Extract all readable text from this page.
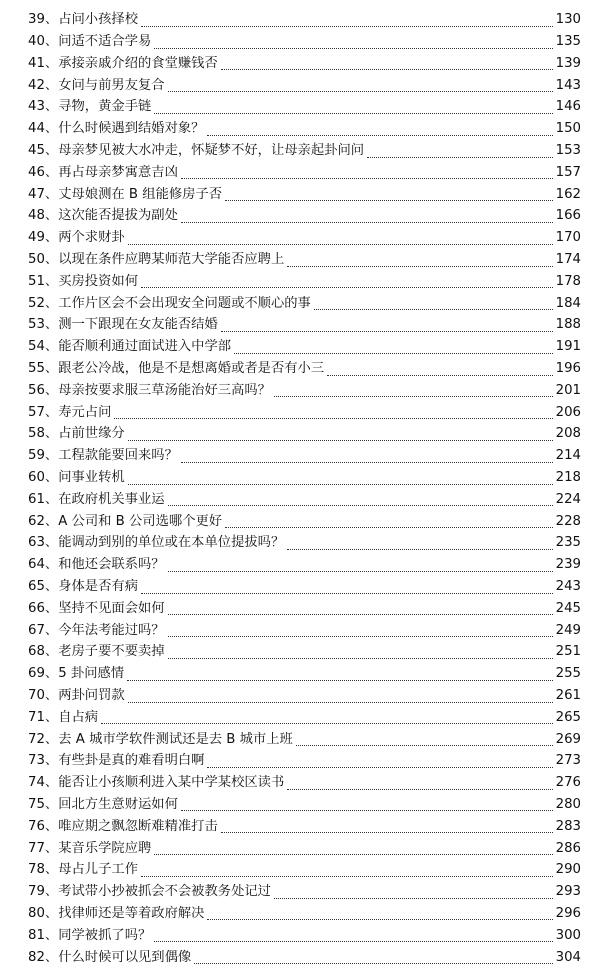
39、 占问小孩择校	130
40、 问适不适合学易	135
41、 承接亲戚介绍的食堂赚钱否	139
42、 女问与前男友复合	143
43、 寻物，黄金手链	146
44、 什么时候遇到结婚对象？	150
45、 母亲梦见被大水冲走，怀疑梦不好，让母亲起卦问问	153
46、 再占母亲梦寓意吉凶	157
47、 丈母娘测在 B 组能修房子否	162
48、 这次能否提拔为副处	166
49、 两个求财卦	170
50、 以现在条件应聘某师范大学能否应聘上	174
51、 买房投资如何	178
52、 工作片区会不会出现安全问题或不顺心的事	184
53、 测一下跟现在女友能否结婚	188
54、 能否顺利通过面试进入中学部	191
55、 跟老公冷战，他是不是想离婚或者是否有小三	196
56、 母亲按要求服三草汤能治好三高吗？	201
57、 寿元占问	206
58、 占前世缘分	208
59、 工程款能要回来吗？	214
60、 问事业转机	218
61、 在政府机关事业运	224
62、 A 公司和 B 公司选哪个更好	228
63、 能调动到别的单位或在本单位提拔吗？	235
64、 和他还会联系吗？	239
65、 身体是否有病	243
66、 坚持不见面会如何	245
67、 今年法考能过吗？	249
68、 老房子要不要卖掉	251
69、 5 卦问感情	255
70、 两卦问罚款	261
71、 自占病	265
72、 去 A 城市学软件测试还是去 B 城市上班	269
73、 有些卦是真的难看明白啊	273
74、 能否让小孩顺利进入某中学某校区读书	276
75、 回北方生意财运如何	280
76、 唯应期之飘忽断难精准打击	283
77、 某音乐学院应聘	286
78、 母占儿子工作	290
79、 考试带小抄被抓会不会被教务处记过	293
80、 找律师还是等着政府解决	296
81、 同学被抓了吗？	300
82、 什么时候可以见到偶像	304
